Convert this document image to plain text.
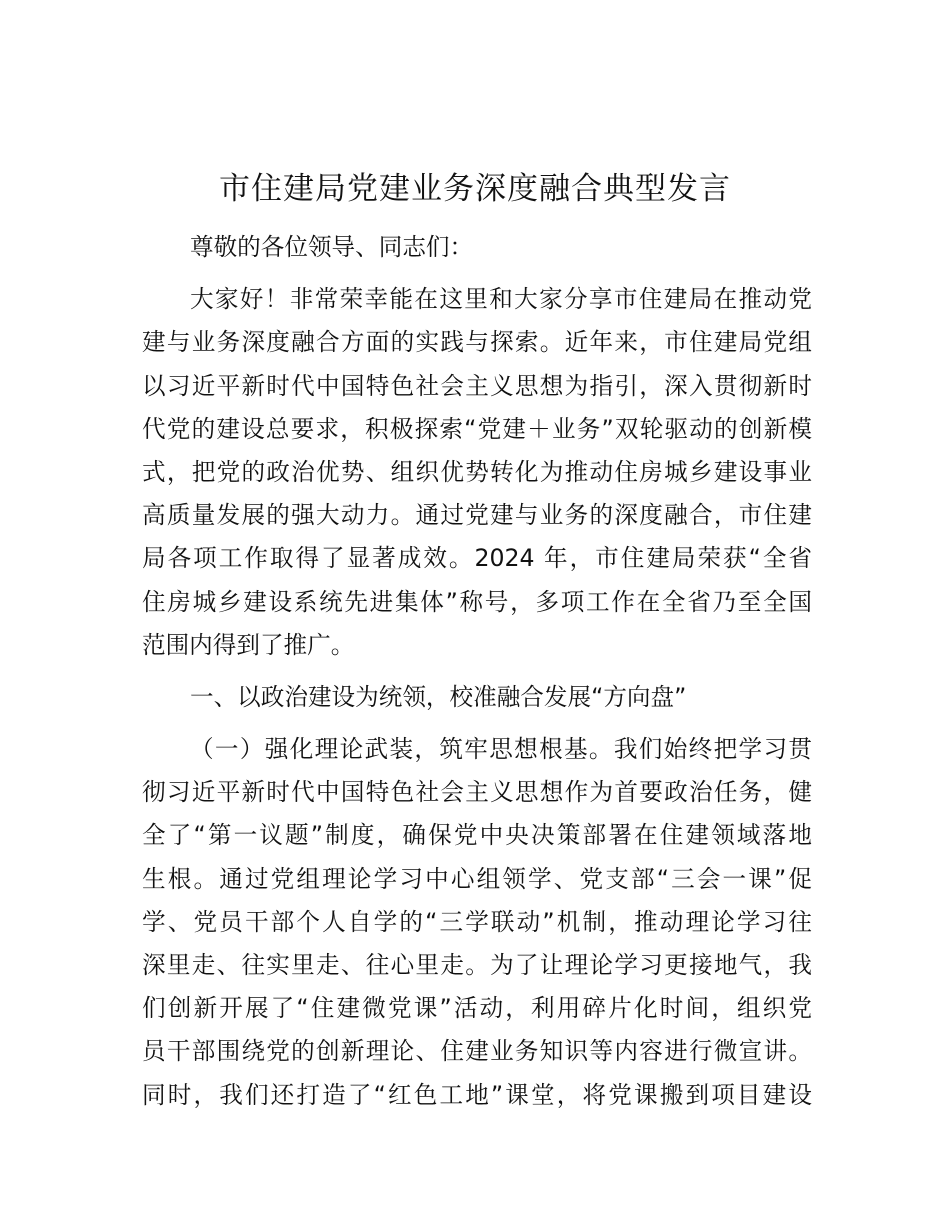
市住建局党建业务深度融合典型发言
尊敬的各位领导、同志们：
大家好！非常荣幸能在这里和大家分享市住建局在推动党
建与业务深度融合方面的实践与探索。近年来，市住建局党组
以习近平新时代中国特色社会主义思想为指引，深入贯彻新时
代党的建设总要求，积极探索“党建＋业务”双轮驱动的创新模
式，把党的政治优势、组织优势转化为推动住房城乡建设事业
高质量发展的强大动力。通过党建与业务的深度融合，市住建
局各项工作取得了显著成效。2024 年，市住建局荣获“全省
住房城乡建设系统先进集体”称号，多项工作在全省乃至全国
范围内得到了推广。
一、以政治建设为统领，校准融合发展“方向盘”
（一）强化理论武装，筑牢思想根基。我们始终把学习贯
彻习近平新时代中国特色社会主义思想作为首要政治任务，健
全了“第一议题”制度，确保党中央决策部署在住建领域落地
生根。通过党组理论学习中心组领学、党支部“三会一课”促
学、党员干部个人自学的“三学联动”机制，推动理论学习往
深里走、往实里走、往心里走。为了让理论学习更接地气，我
们创新开展了“住建微党课”活动，利用碎片化时间，组织党
员干部围绕党的创新理论、住建业务知识等内容进行微宣讲。
同时，我们还打造了“红色工地”课堂，将党课搬到项目建设
